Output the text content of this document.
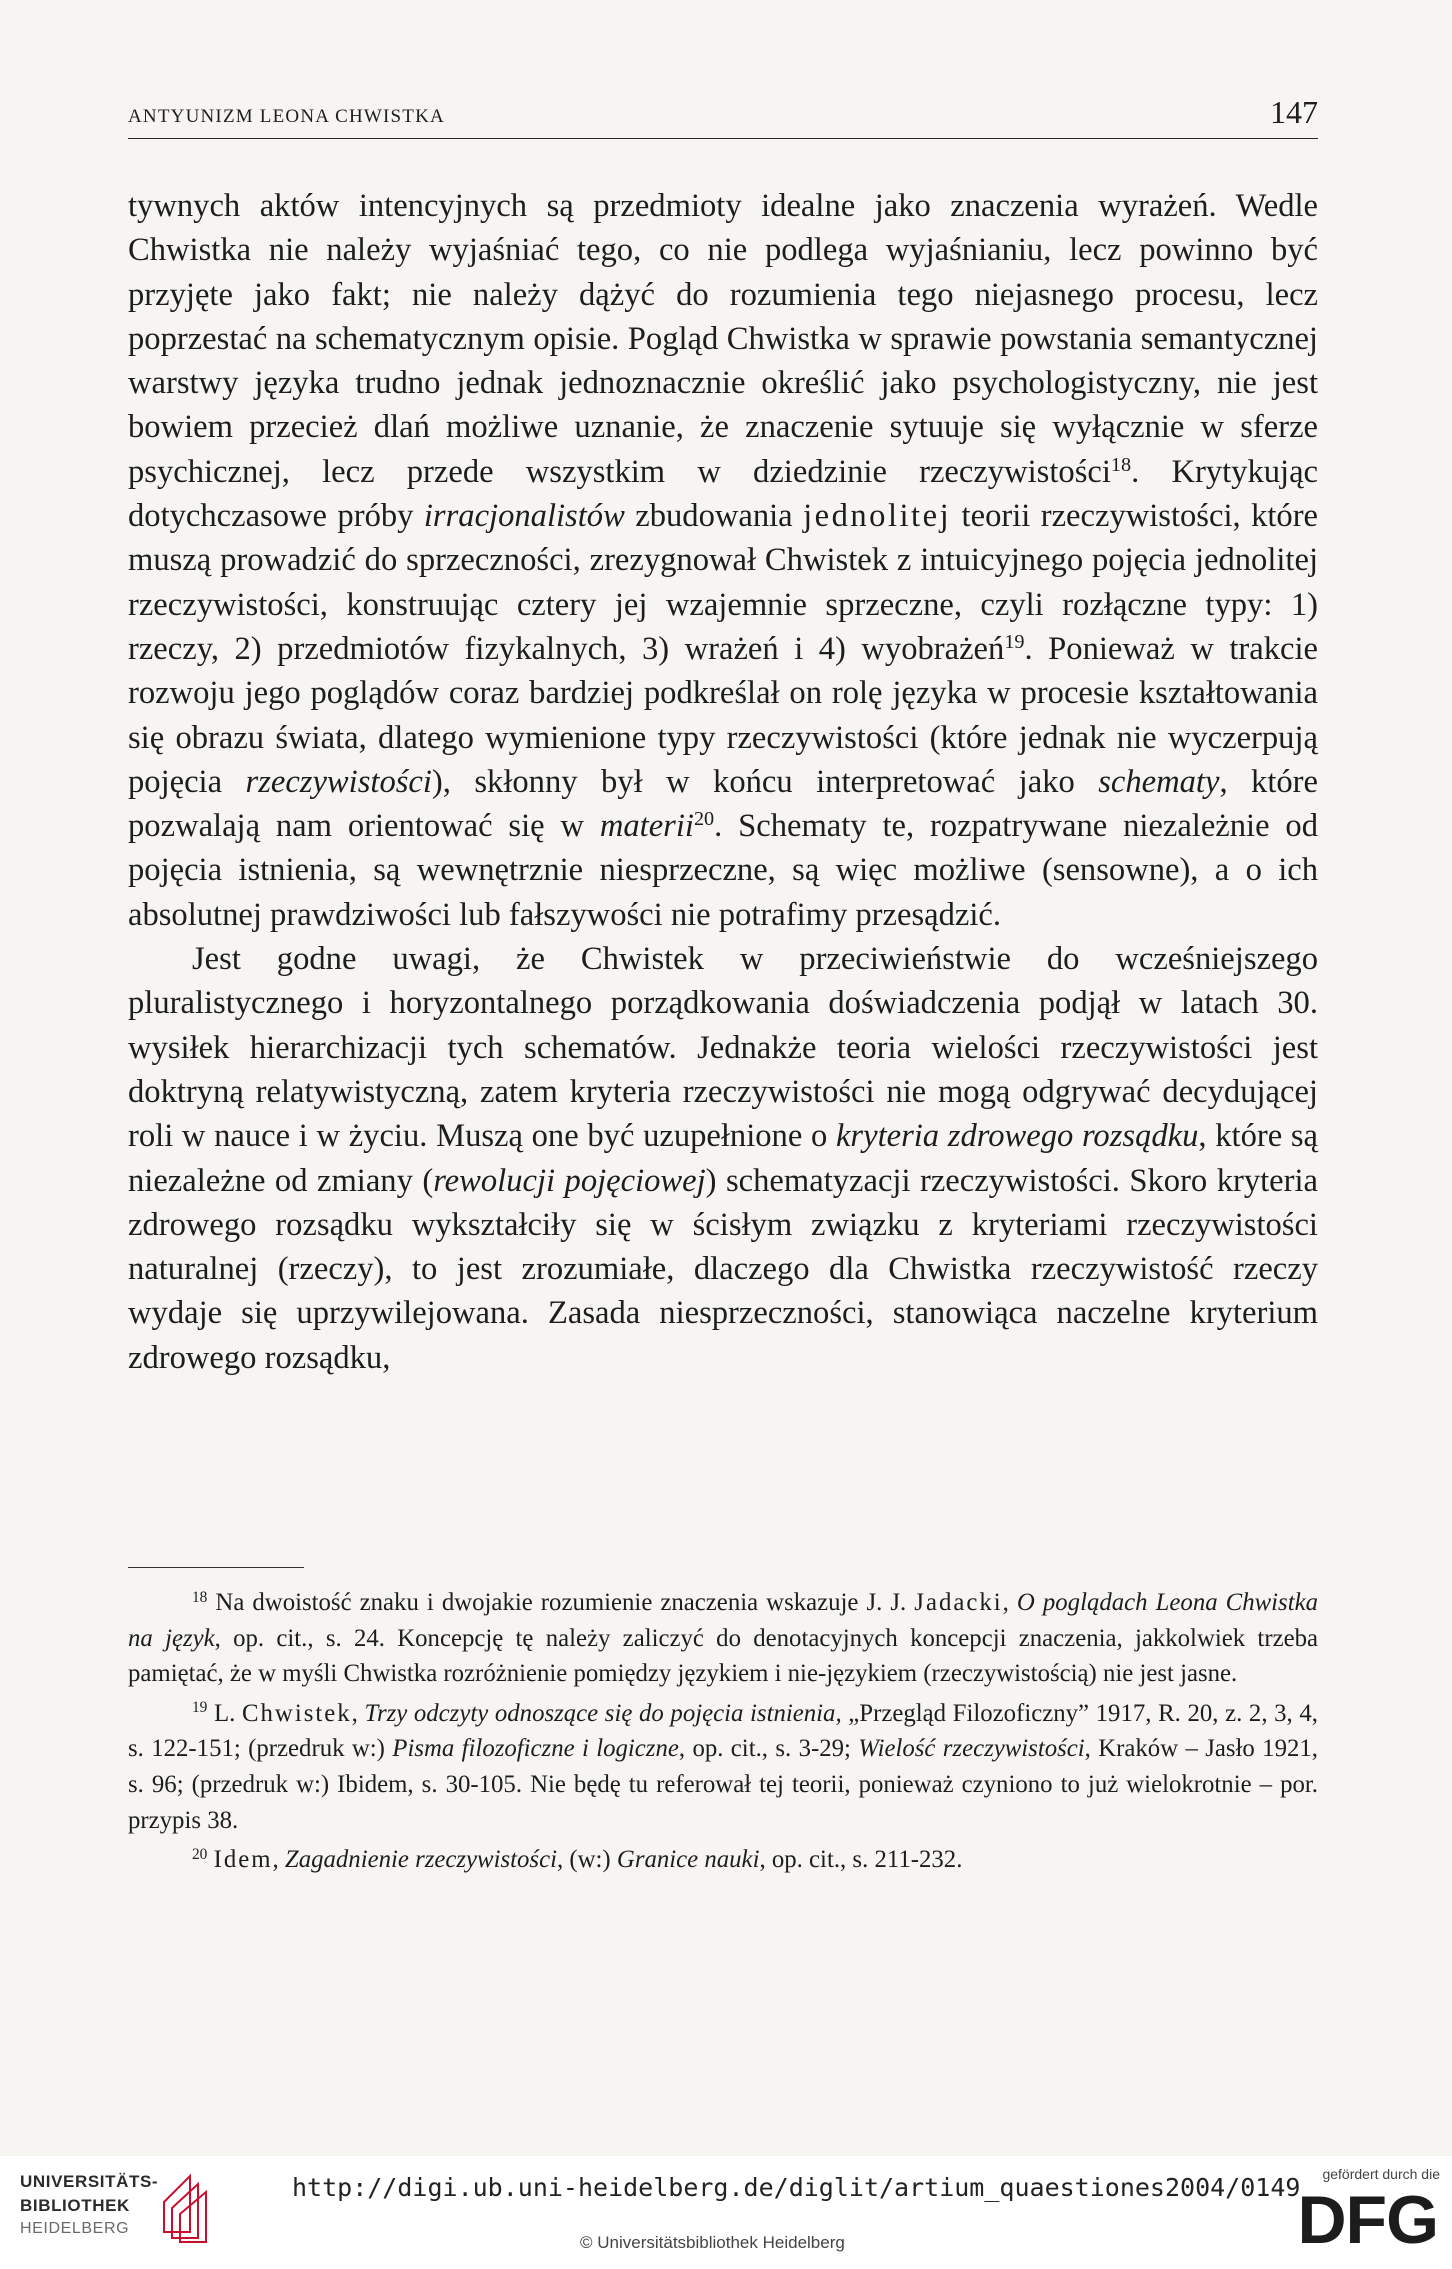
ANTYUNIZM LEONA CHWISTKA	147

tywnych aktów intencyjnych są przedmioty idealne jako znaczenia wyrażeń. Wedle Chwistka nie należy wyjaśniać tego, co nie podlega wyjaśnianiu, lecz powinno być przyjęte jako fakt; nie należy dążyć do rozumienia tego niejasnego procesu, lecz poprzestać na schematycznym opisie. Pogląd Chwistka w sprawie powstania semantycznej warstwy języka trudno jednak jednoznacznie określić jako psychologistyczny, nie jest bowiem przecież dlań możliwe uznanie, że znaczenie sytuuje się wyłącznie w sferze psychicznej, lecz przede wszystkim w dziedzinie rzeczywistości$^{18}$. Krytykując dotychczasowe próby irracjonalistów zbudowania jednolitej teorii rzeczywistości, które muszą prowadzić do sprzeczności, zrezygnował Chwistek z intuicyjnego pojęcia jednolitej rzeczywistości, konstruując cztery jej wzajemnie sprzeczne, czyli rozłączne typy: 1) rzeczy, 2) przedmiotów fizykalnych, 3) wrażeń i 4) wyobrażeń$^{19}$. Ponieważ w trakcie rozwoju jego poglądów coraz bardziej podkreślał on rolę języka w procesie kształtowania się obrazu świata, dlatego wymienione typy rzeczywistości (które jednak nie wyczerpują pojęcia rzeczywistości), skłonny był w końcu interpretować jako schematy, które pozwalają nam orientować się w materii$^{20}$. Schematy te, rozpatrywane niezależnie od pojęcia istnienia, są wewnętrznie niesprzeczne, są więc możliwe (sensowne), a o ich absolutnej prawdziwości lub fałszywości nie potrafimy przesądzić.

Jest godne uwagi, że Chwistek w przeciwieństwie do wcześniejszego pluralistycznego i horyzontalnego porządkowania doświadczenia podjął w latach 30. wysiłek hierarchizacji tych schematów. Jednakże teoria wielości rzeczywistości jest doktryną relatywistyczną, zatem kryteria rzeczywistości nie mogą odgrywać decydującej roli w nauce i w życiu. Muszą one być uzupełnione o kryteria zdrowego rozsądku, które są niezależne od zmiany (rewolucji pojęciowej) schematyzacji rzeczywistości. Skoro kryteria zdrowego rozsądku wykształciły się w ścisłym związku z kryteriami rzeczywistości naturalnej (rzeczy), to jest zrozumiałe, dlaczego dla Chwistka rzeczywistość rzeczy wydaje się uprzywilejowana. Zasada niesprzeczności, stanowiąca naczelne kryterium zdrowego rozsądku,

$^{18}$ Na dwoistość znaku i dwojakie rozumienie znaczenia wskazuje J. J. Jadacki, O poglądach Leona Chwistka na język, op. cit., s. 24. Koncepcję tę należy zaliczyć do denotacyjnych koncepcji znaczenia, jakkolwiek trzeba pamiętać, że w myśli Chwistka rozróżnienie pomiędzy językiem i nie-językiem (rzeczywistością) nie jest jasne.

$^{19}$ L. Chwistek, Trzy odczyty odnoszące się do pojęcia istnienia, „Przegląd Filozoficzny” 1917, R. 20, z. 2, 3, 4, s. 122-151; (przedruk w:) Pisma filozoficzne i logiczne, op. cit., s. 3-29; Wielość rzeczywistości, Kraków – Jasło 1921, s. 96; (przedruk w:) Ibidem, s. 30-105. Nie będę tu referował tej teorii, ponieważ czyniono to już wielokrotnie – por. przypis 38.

$^{20}$ Idem, Zagadnienie rzeczywistości, (w:) Granice nauki, op. cit., s. 211-232.

UNIVERSITÄTS-
BIBLIOTHEK
HEIDELBERG
http://digi.ub.uni-heidelberg.de/diglit/artium_quaestiones2004/0149
© Universitätsbibliothek Heidelberg
gefördert durch die
DFG
